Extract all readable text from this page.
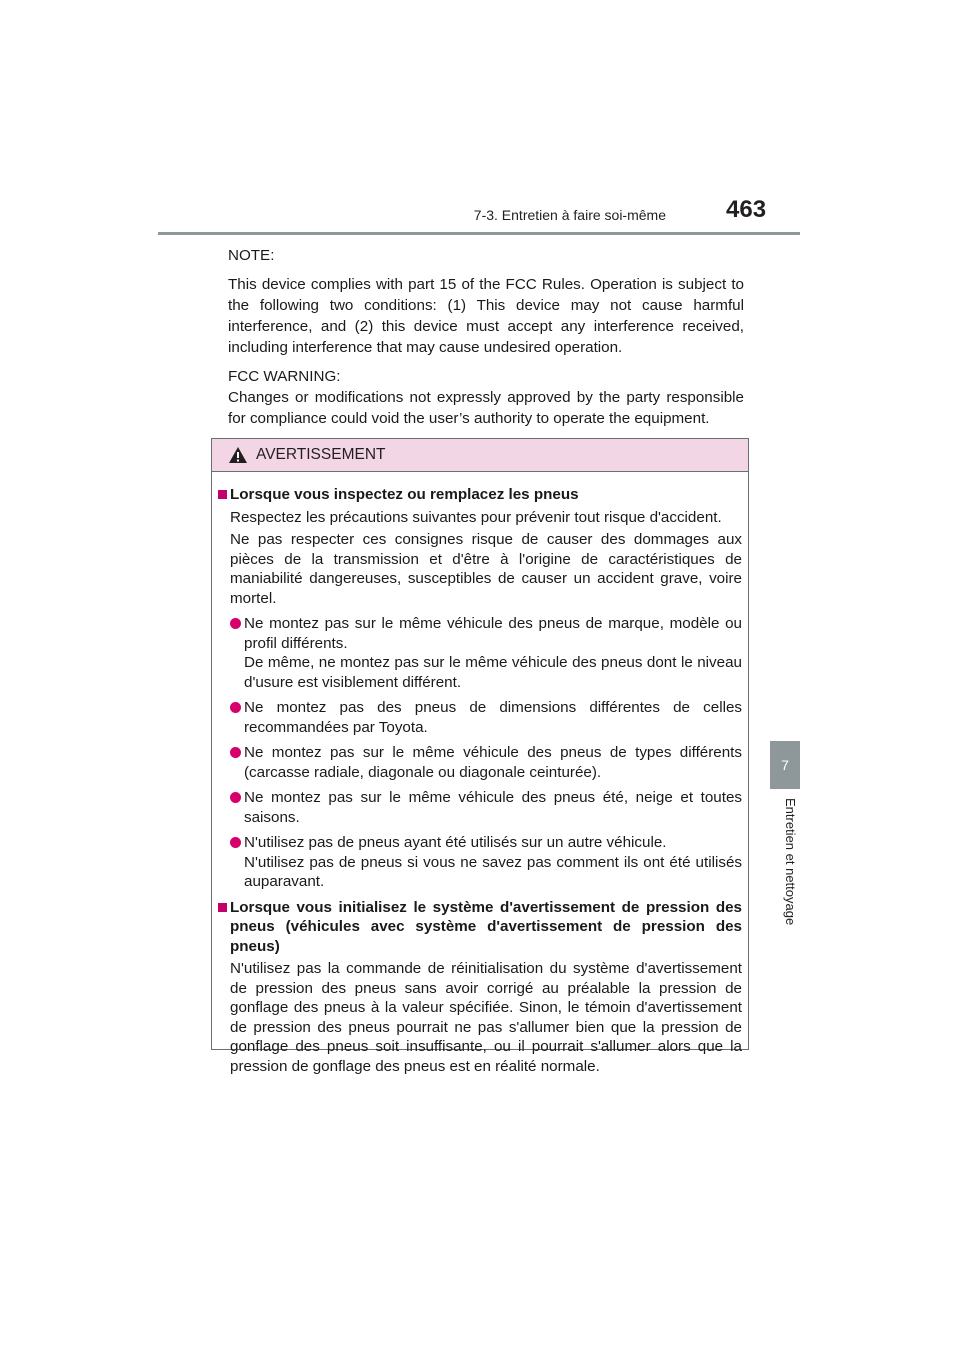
7-3. Entretien à faire soi-même	463
7
Entretien et nettoyage

NOTE:

This device complies with part 15 of the FCC Rules. Operation is subject to the following two conditions: (1) This device may not cause harmful interference, and (2) this device must accept any interference received, including interference that may cause undesired operation.

FCC WARNING:

Changes or modifications not expressly approved by the party responsible for compliance could void the user’s authority to operate the equipment.

AVERTISSEMENT
Lorsque vous inspectez ou remplacez les pneus
Respectez les précautions suivantes pour prévenir tout risque d'accident.
Ne pas respecter ces consignes risque de causer des dommages aux pièces de la transmission et d'être à l'origine de caractéristiques de maniabilité dangereuses, susceptibles de causer un accident grave, voire mortel.
Ne montez pas sur le même véhicule des pneus de marque, modèle ou profil différents.
De même, ne montez pas sur le même véhicule des pneus dont le niveau d'usure est visiblement différent.
Ne montez pas des pneus de dimensions différentes de celles recommandées par Toyota.
Ne montez pas sur le même véhicule des pneus de types différents (carcasse radiale, diagonale ou diagonale ceinturée).
Ne montez pas sur le même véhicule des pneus été, neige et toutes saisons.
N'utilisez pas de pneus ayant été utilisés sur un autre véhicule.
N'utilisez pas de pneus si vous ne savez pas comment ils ont été utilisés auparavant.
Lorsque vous initialisez le système d'avertissement de pression des pneus (véhicules avec système d'avertissement de pression des pneus)
N'utilisez pas la commande de réinitialisation du système d'avertissement de pression des pneus sans avoir corrigé au préalable la pression de gonflage des pneus à la valeur spécifiée. Sinon, le témoin d'avertissement de pression des pneus pourrait ne pas s'allumer bien que la pression de gonflage des pneus soit insuffisante, ou il pourrait s'allumer alors que la pression de gonflage des pneus est en réalité normale.
